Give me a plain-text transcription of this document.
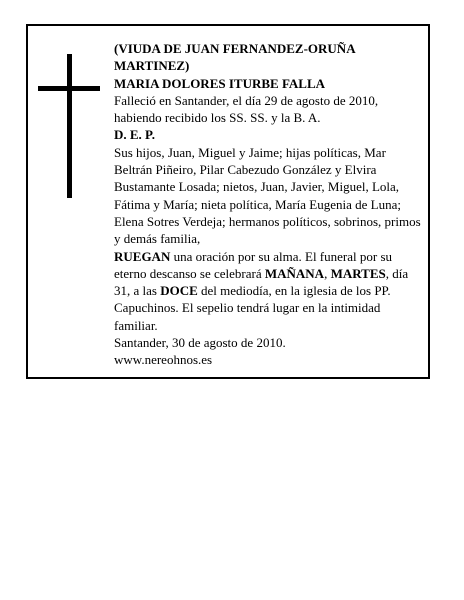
(VIUDA DE JUAN FERNANDEZ-ORUÑA MARTINEZ)

MARIA DOLORES ITURBE FALLA

Falleció en Santander, el día 29 de agosto de 2010, habiendo recibido los SS. SS. y la B. A.

D. E. P.

Sus hijos, Juan, Miguel y Jaime; hijas políticas, Mar Beltrán Piñeiro, Pilar Cabezudo González y Elvira Bustamante Losada; nietos, Juan, Javier, Miguel, Lola, Fátima y María; nieta política, María Eugenia de Luna; Elena Sotres Verdeja; hermanos políticos, sobrinos, primos y demás familia,

RUEGAN una oración por su alma. El funeral por su eterno descanso se celebrará MAÑANA, MARTES, día 31, a las DOCE del mediodía, en la iglesia de los PP. Capuchinos. El sepelio tendrá lugar en la intimidad familiar.

Santander, 30 de agosto de 2010.

www.nereohnos.es
